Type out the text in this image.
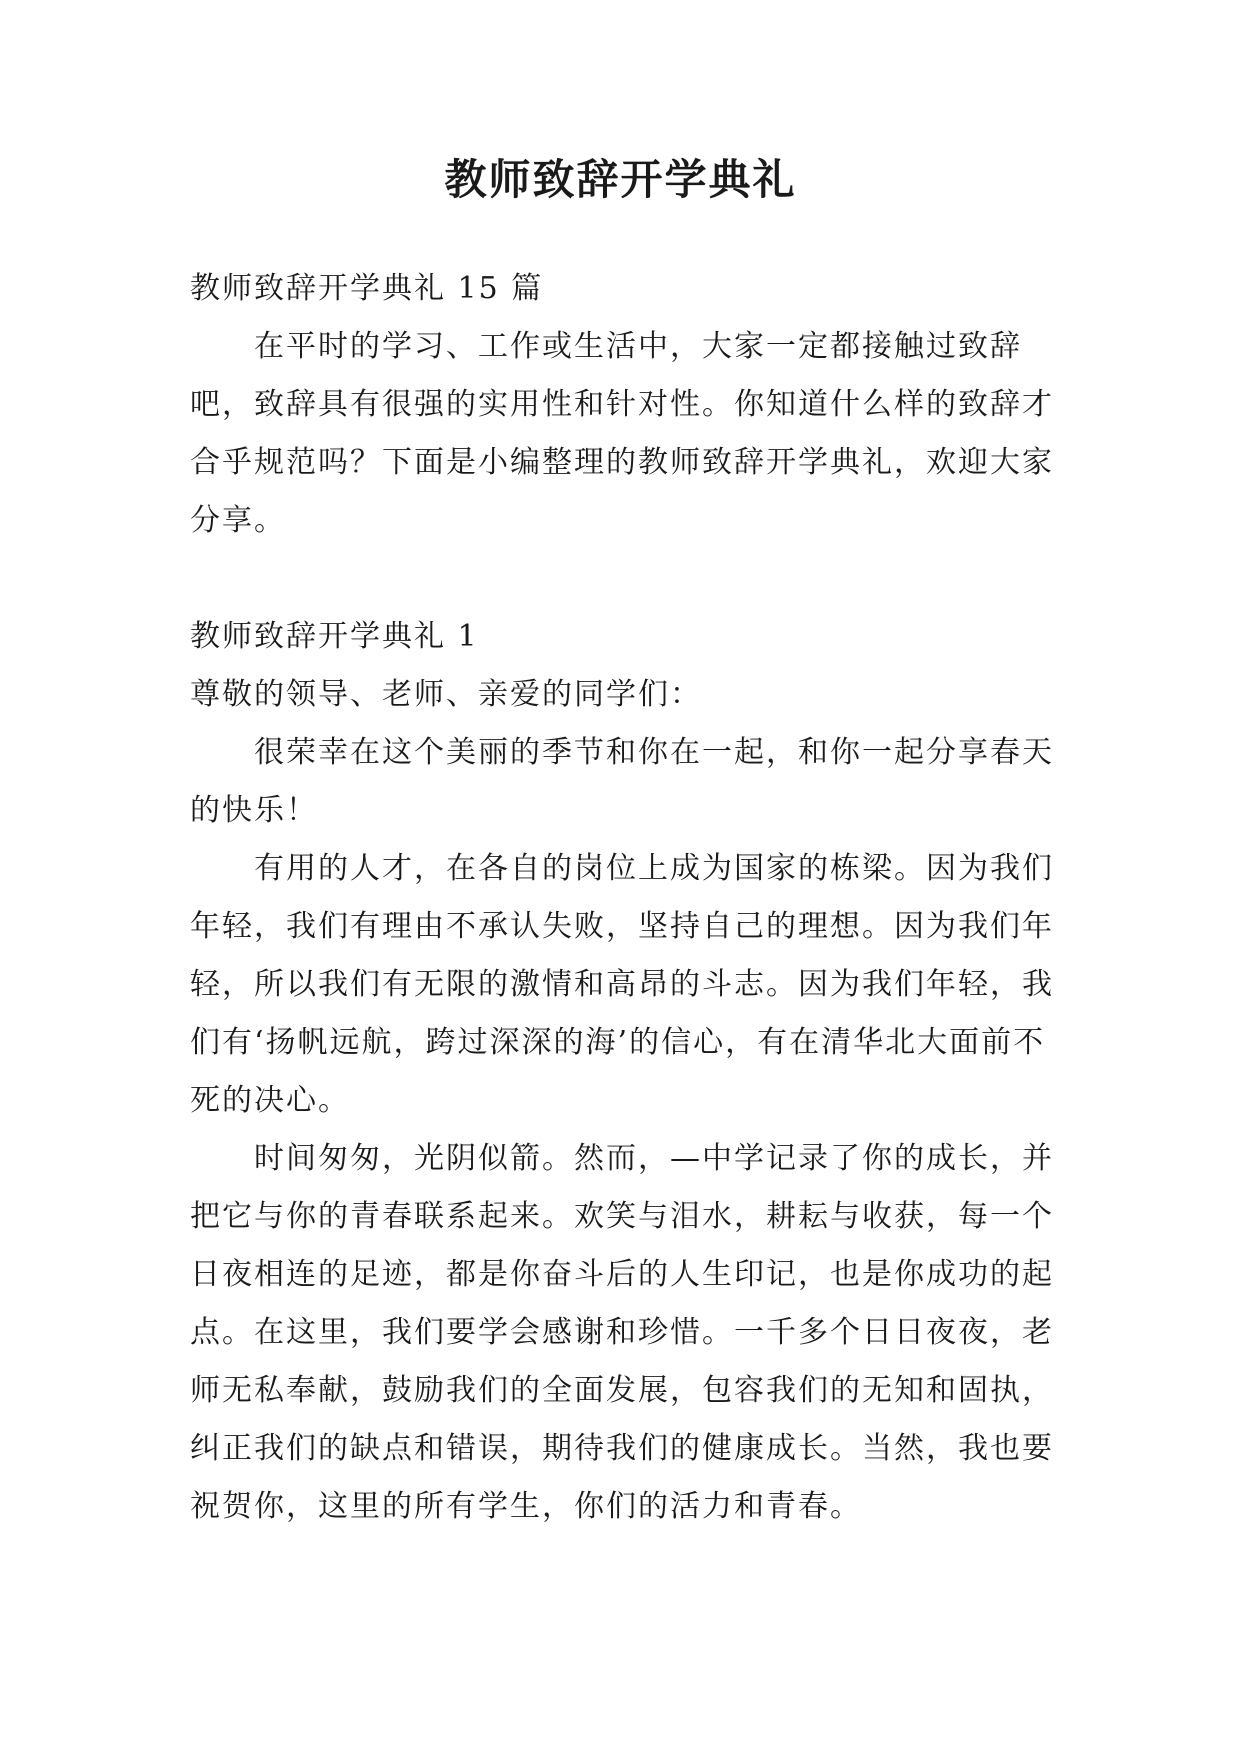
教师致辞开学典礼

教师致辞开学典礼 15 篇

在平时的学习、工作或生活中，大家一定都接触过致辞吧，致辞具有很强的实用性和针对性。你知道什么样的致辞才合乎规范吗？下面是小编整理的教师致辞开学典礼，欢迎大家分享。

教师致辞开学典礼 1

尊敬的领导、老师、亲爱的同学们：

很荣幸在这个美丽的季节和你在一起，和你一起分享春天的快乐！

有用的人才，在各自的岗位上成为国家的栋梁。因为我们年轻，我们有理由不承认失败，坚持自己的理想。因为我们年轻，所以我们有无限的激情和高昂的斗志。因为我们年轻，我们有‘扬帆远航，跨过深深的海’的信心，有在清华北大面前不死的决心。

时间匆匆，光阴似箭。然而，—中学记录了你的成长，并把它与你的青春联系起来。欢笑与泪水，耕耘与收获，每一个日夜相连的足迹，都是你奋斗后的人生印记，也是你成功的起点。在这里，我们要学会感谢和珍惜。一千多个日日夜夜，老师无私奉献，鼓励我们的全面发展，包容我们的无知和固执，纠正我们的缺点和错误，期待我们的健康成长。当然，我也要祝贺你，这里的所有学生，你们的活力和青春。
